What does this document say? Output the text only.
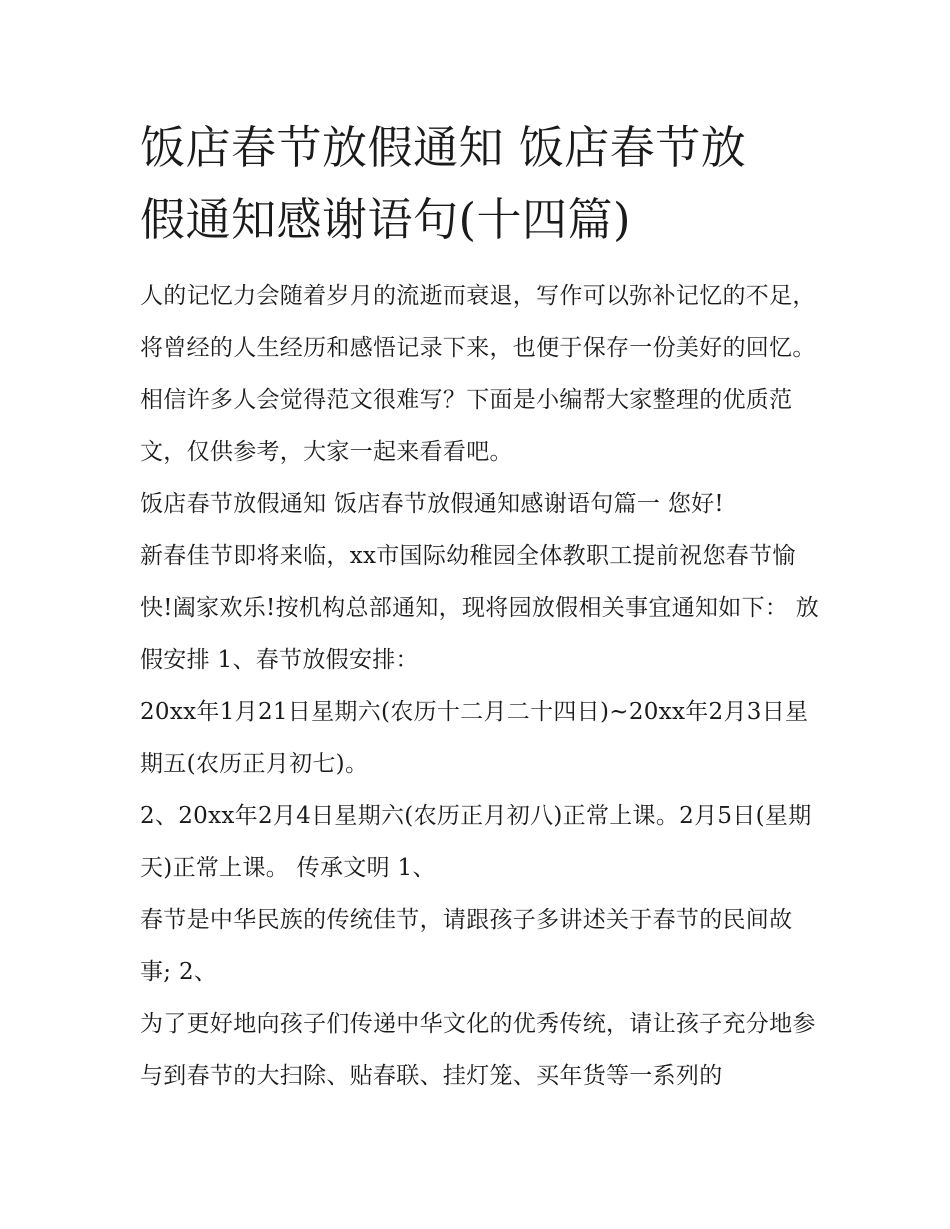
饭店春节放假通知 饭店春节放
假通知感谢语句(十四篇)

人的记忆力会随着岁月的流逝而衰退，写作可以弥补记忆的不足，将曾经的人生经历和感悟记录下来，也便于保存一份美好的回忆。相信许多人会觉得范文很难写？下面是小编帮大家整理的优质范文，仅供参考，大家一起来看看吧。

饭店春节放假通知 饭店春节放假通知感谢语句篇一 您好!

新春佳节即将来临，xx市国际幼稚园全体教职工提前祝您春节愉快!阖家欢乐!按机构总部通知，现将园放假相关事宜通知如下： 放假安排 1、春节放假安排：

20xx年1月21日星期六(农历十二月二十四日)~20xx年2月3日星期五(农历正月初七)。

2、20xx年2月4日星期六(农历正月初八)正常上课。2月5日(星期天)正常上课。 传承文明 1、

春节是中华民族的传统佳节，请跟孩子多讲述关于春节的民间故事; 2、

为了更好地向孩子们传递中华文化的优秀传统，请让孩子充分地参与到春节的大扫除、贴春联、挂灯笼、买年货等一系列的
